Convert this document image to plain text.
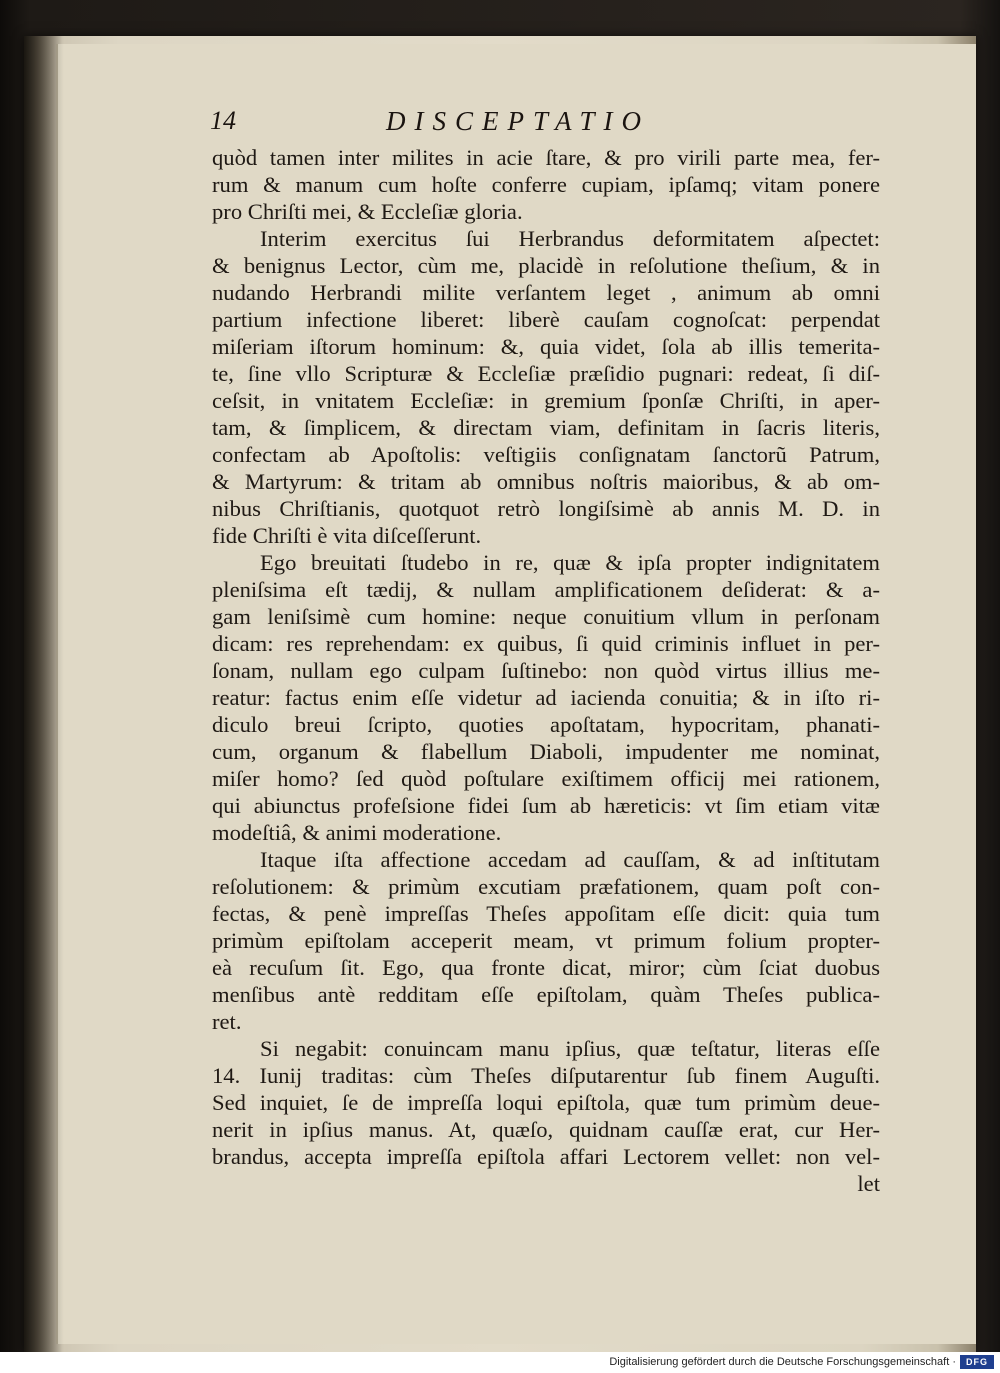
14	DISCEPTATIO
quòd tamen inter milites in acie ſtare, & pro virili parte mea, fer-
rum & manum cum hoſte conferre cupiam, ipſamq; vitam ponere
pro Chriſti mei, & Eccleſiæ gloria.
Interim exercitus ſui Herbrandus deformitatem aſpectet:
& benignus Lector, cùm me, placidè in reſolutione theſium, & in
nudando Herbrandi milite verſantem leget , animum ab omni
partium infectione liberet: liberè cauſam cognoſcat: perpendat
miſeriam iſtorum hominum: &, quia videt, ſola ab illis temerita-
te, ſine vllo Scripturæ & Eccleſiæ præſidio pugnari: redeat, ſi diſ-
ceſsit, in vnitatem Eccleſiæ: in gremium ſponſæ Chriſti, in aper-
tam, & ſimplicem, & directam viam, definitam in ſacris literis,
confectam ab Apoſtolis: veſtigiis conſignatam ſanctorũ Patrum,
& Martyrum: & tritam ab omnibus noſtris maioribus, & ab om-
nibus Chriſtianis, quotquot retrò longiſsimè ab annis M. D. in
fide Chriſti è vita diſceſſerunt.
Ego breuitati ſtudebo in re, quæ & ipſa propter indignitatem
pleniſsima eſt tædij, & nullam amplificationem deſiderat: & a-
gam leniſsimè cum homine: neque conuitium vllum in perſonam
dicam: res reprehendam: ex quibus, ſi quid criminis influet in per-
ſonam, nullam ego culpam ſuſtinebo: non quòd virtus illius me-
reatur: factus enim eſſe videtur ad iacienda conuitia; & in iſto ri-
diculo breui ſcripto, quoties apoſtatam, hypocritam, phanati-
cum, organum & flabellum Diaboli, impudenter me nominat,
miſer homo? ſed quòd poſtulare exiſtimem officij mei rationem,
qui abiunctus profeſsione fidei ſum ab hæreticis: vt ſim etiam vitæ
modeſtiâ, & animi moderatione.
Itaque iſta affectione accedam ad cauſſam, & ad inſtitutam
reſolutionem: & primùm excutiam præfationem, quam poſt con-
fectas, & penè impreſſas Theſes appoſitam eſſe dicit: quia tum
primùm epiſtolam acceperit meam, vt primum folium propter-
eà recuſum ſit. Ego, qua fronte dicat, miror; cùm ſciat duobus
menſibus antè redditam eſſe epiſtolam, quàm Theſes publica-
ret.
Si negabit: conuincam manu ipſius, quæ teſtatur, literas eſſe
14. Iunij traditas: cùm Theſes diſputarentur ſub finem Auguſti.
Sed inquiet, ſe de impreſſa loqui epiſtola, quæ tum primùm deue-
nerit in ipſius manus. At, quæſo, quidnam cauſſæ erat, cur Her-
brandus, accepta impreſſa epiſtola affari Lectorem vellet: non vel-
let
Digitalisierung gefördert durch die Deutsche Forschungsgemeinschaft ·	DFG
